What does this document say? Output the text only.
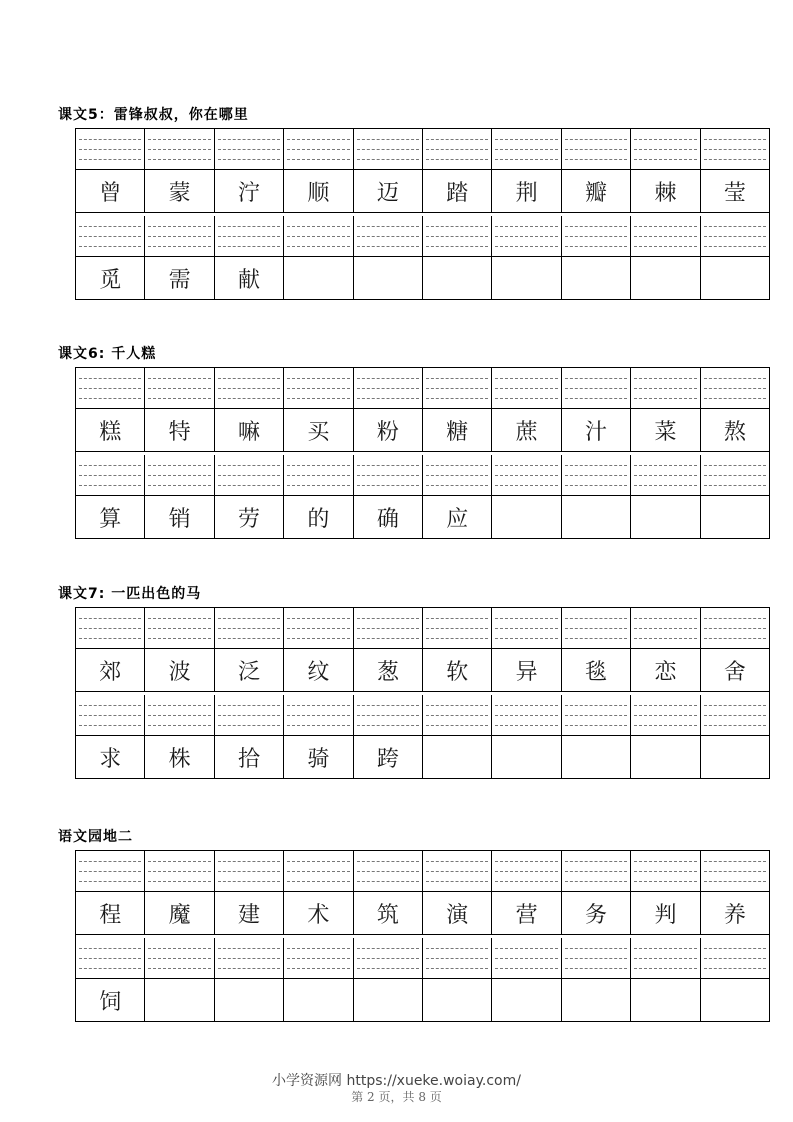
课文5：雷锋叔叔，你在哪里
曾	蒙	泞	顺	迈	踏	荆	瓣	棘	莹
觅	需	献
课文6: 千人糕
糕	特	嘛	买	粉	糖	蔗	汁	菜	熬
算	销	劳	的	确	应
课文7: 一匹出色的马
郊	波	泛	纹	葱	软	异	毯	恋	舍
求	株	拾	骑	跨
语文园地二
程	魔	建	术	筑	演	营	务	判	养
饲
小学资源网 https://xueke.woiay.com/
第 2 页，共 8 页
